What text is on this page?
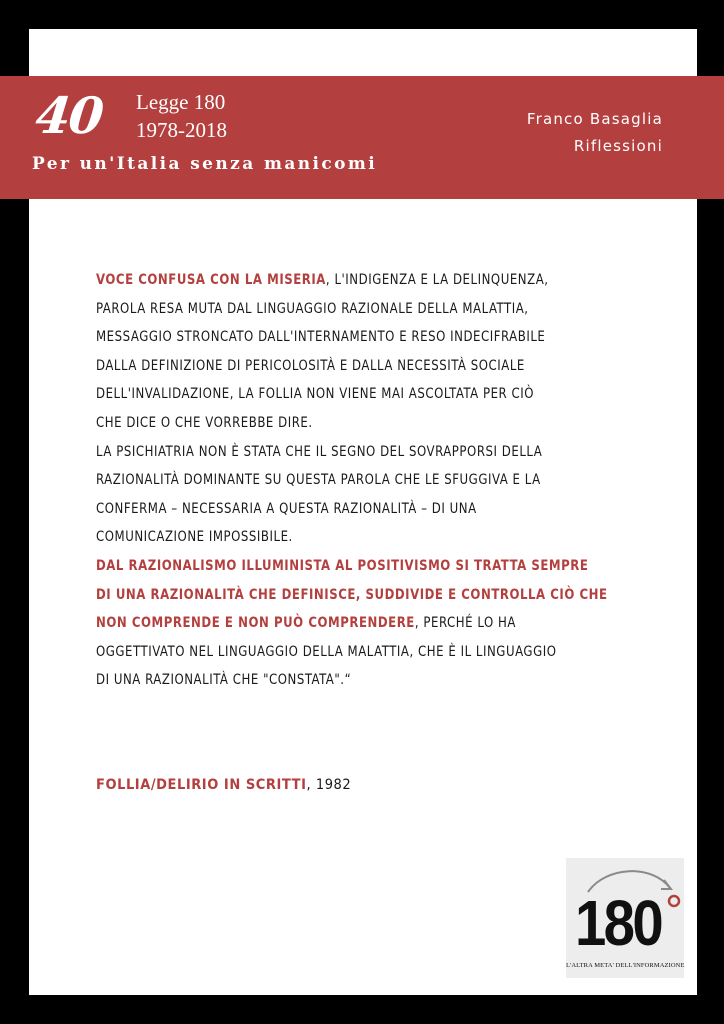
40 Legge 180
1978-2018
Per un'Italia senza manicomi
Franco Basaglia
Riflessioni

VOCE CONFUSA CON LA MISERIA, L'INDIGENZA E LA DELINQUENZA,
PAROLA RESA MUTA DAL LINGUAGGIO RAZIONALE DELLA MALATTIA,
MESSAGGIO STRONCATO DALL'INTERNAMENTO E RESO INDECIFRABILE
DALLA DEFINIZIONE DI PERICOLOSITÀ E DALLA NECESSITÀ SOCIALE
DELL'INVALIDAZIONE, LA FOLLIA NON VIENE MAI ASCOLTATA PER CIÒ
CHE DICE O CHE VORREBBE DIRE.

LA PSICHIATRIA NON È STATA CHE IL SEGNO DEL SOVRAPPORSI DELLA
RAZIONALITÀ DOMINANTE SU QUESTA PAROLA CHE LE SFUGGIVA E LA
CONFERMA – NECESSARIA A QUESTA RAZIONALITÀ – DI UNA
COMUNICAZIONE IMPOSSIBILE.

DAL RAZIONALISMO ILLUMINISTA AL POSITIVISMO SI TRATTA SEMPRE
DI UNA RAZIONALITÀ CHE DEFINISCE, SUDDIVIDE E CONTROLLA CIÒ CHE
NON COMPRENDE E NON PUÒ COMPRENDERE, PERCHÉ LO HA
OGGETTIVATO NEL LINGUAGGIO DELLA MALATTIA, CHE È IL LINGUAGGIO
DI UNA RAZIONALITÀ CHE "CONSTATA".“

FOLLIA/DELIRIO IN SCRITTI, 1982
180
L'ALTRA META' DELL'INFORMAZIONE
